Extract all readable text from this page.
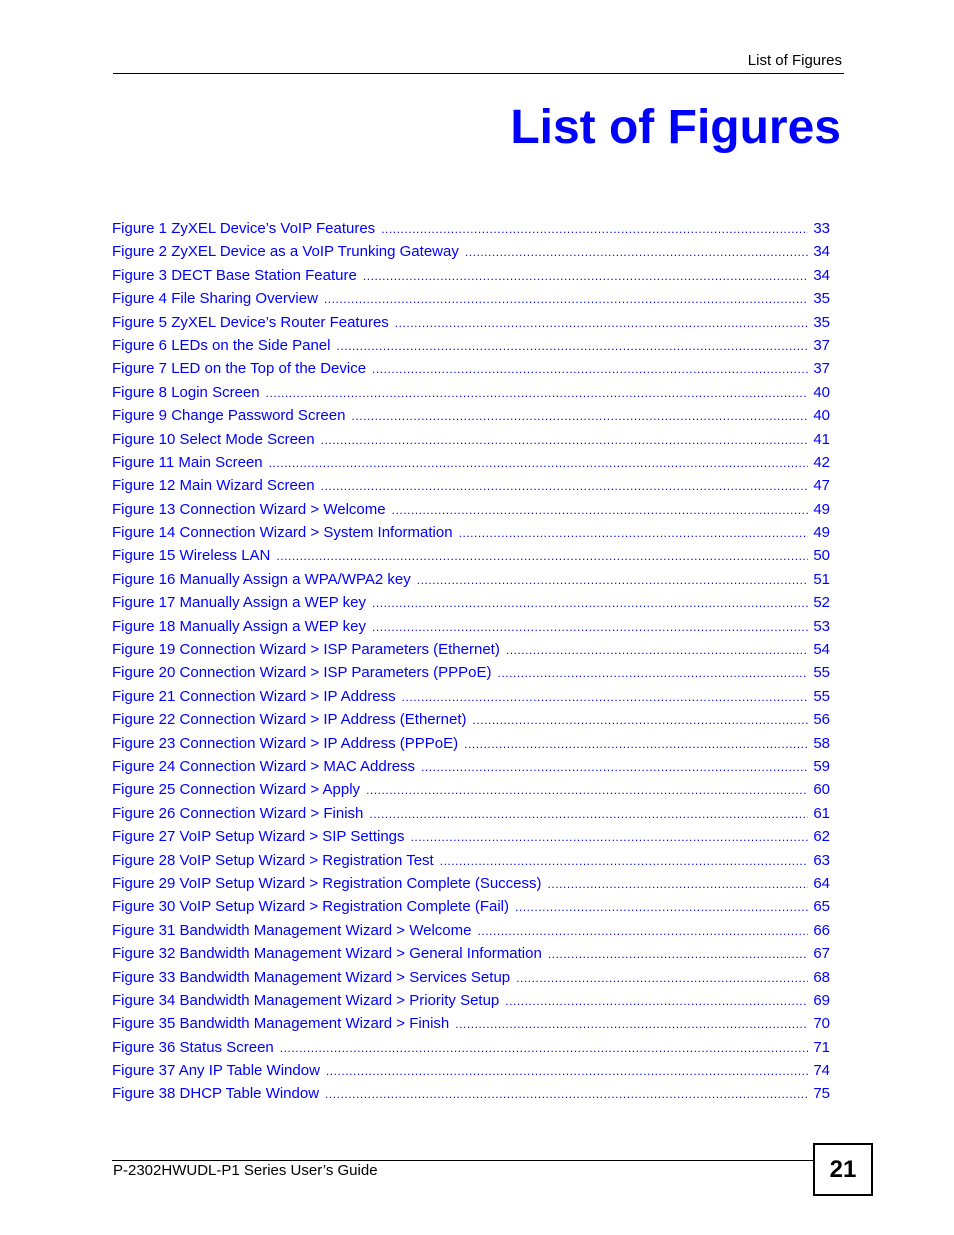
List of Figures
List of Figures
Figure 1 ZyXEL Device’s VoIP Features . . .	33
Figure 2 ZyXEL Device as a VoIP Trunking Gateway . . .	34
Figure 3 DECT Base Station Feature . . .	34
Figure 4 File Sharing Overview . . .	35
Figure 5 ZyXEL Device’s Router Features . . .	35
Figure 6 LEDs on the Side Panel . . .	37
Figure 7 LED on the Top of the Device . . .	37
Figure 8 Login Screen . . .	40
Figure 9 Change Password Screen . . .	40
Figure 10 Select Mode Screen . . .	41
Figure 11 Main Screen . . .	42
Figure 12 Main Wizard Screen . . .	47
Figure 13 Connection Wizard > Welcome . . .	49
Figure 14 Connection Wizard > System Information . . .	49
Figure 15 Wireless LAN . . .	50
Figure 16 Manually Assign a WPA/WPA2 key . . .	51
Figure 17 Manually Assign a WEP key . . .	52
Figure 18 Manually Assign a WEP key . . .	53
Figure 19 Connection Wizard > ISP Parameters (Ethernet) . . .	54
Figure 20 Connection Wizard > ISP Parameters (PPPoE) . . .	55
Figure 21 Connection Wizard > IP Address . . .	55
Figure 22 Connection Wizard > IP Address (Ethernet) . . .	56
Figure 23 Connection Wizard > IP Address (PPPoE) . . .	58
Figure 24 Connection Wizard > MAC Address . . .	59
Figure 25 Connection Wizard > Apply . . .	60
Figure 26 Connection Wizard > Finish . . .	61
Figure 27 VoIP Setup Wizard > SIP Settings . . .	62
Figure 28 VoIP Setup Wizard > Registration Test . . .	63
Figure 29 VoIP Setup Wizard > Registration Complete (Success) . . .	64
Figure 30 VoIP Setup Wizard > Registration Complete (Fail) . . .	65
Figure 31 Bandwidth Management Wizard > Welcome . . .	66
Figure 32 Bandwidth Management Wizard > General Information . . .	67
Figure 33 Bandwidth Management Wizard > Services Setup . . .	68
Figure 34 Bandwidth Management Wizard > Priority Setup . . .	69
Figure 35 Bandwidth Management Wizard > Finish . . .	70
Figure 36 Status Screen . . .	71
Figure 37 Any IP Table Window . . .	74
Figure 38 DHCP Table Window . . .	75
P-2302HWUDL-P1 Series User’s Guide	21
